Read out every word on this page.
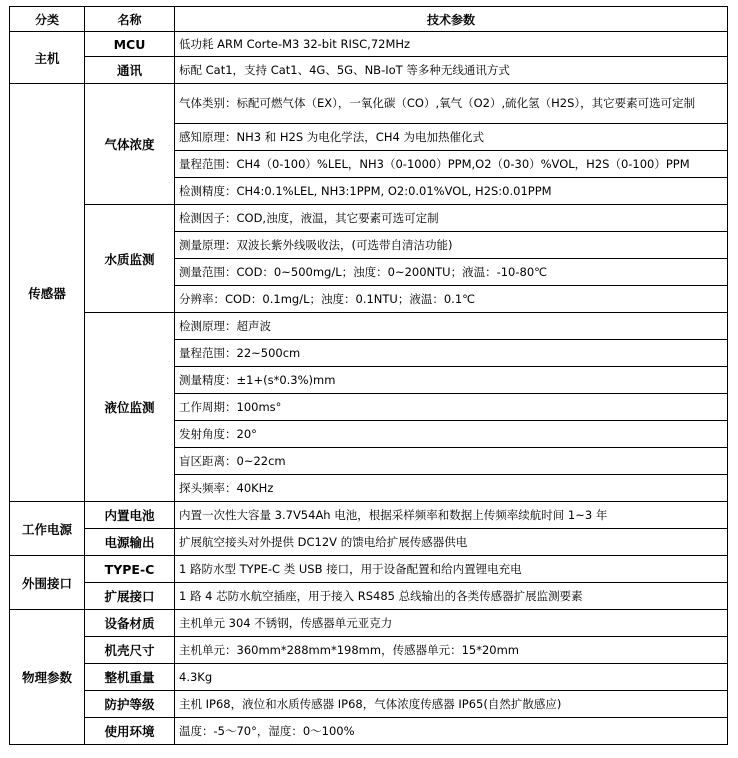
分类	名称	技术参数
主机	MCU	低功耗 ARM Corte-M3 32-bit RISC,72MHz
	通讯	标配 Cat1，支持 Cat1、4G、5G、NB-IoT 等多种无线通讯方式
传感器	气体浓度	气体类别：标配可燃气体（EX），一氧化碳（CO）,氧气（O2）,硫化氢（H2S），其它要素可选可定制
		感知原理：NH3 和 H2S 为电化学法，CH4 为电加热催化式
		量程范围：CH4（0-100）%LEL，NH3（0-1000）PPM,O2（0-30）%VOL，H2S（0-100）PPM
		检测精度：CH4:0.1%LEL, NH3:1PPM, O2:0.01%VOL, H2S:0.01PPM
	水质监测	检测因子：COD,浊度，液温，其它要素可选可定制
		测量原理：双波长紫外线吸收法，(可选带自清洁功能)
		测量范围：COD：0~500mg/L；浊度：0~200NTU；液温：-10-80℃
		分辨率：COD：0.1mg/L；浊度：0.1NTU；液温：0.1℃
	液位监测	检测原理：超声波
		量程范围：22~500cm
		测量精度：±1+(s*0.3%)mm
		工作周期：100ms°
		发射角度：20°
		盲区距离：0~22cm
		探头频率：40KHz
工作电源	内置电池	内置一次性大容量 3.7V54Ah 电池，根据采样频率和数据上传频率续航时间 1~3 年
	电源输出	扩展航空接头对外提供 DC12V 的馈电给扩展传感器供电
外围接口	TYPE-C	1 路防水型 TYPE-C 类 USB 接口，用于设备配置和给内置锂电充电
	扩展接口	1 路 4 芯防水航空插座，用于接入 RS485 总线输出的各类传感器扩展监测要素
物理参数	设备材质	主机单元 304 不锈钢，传感器单元亚克力
	机壳尺寸	主机单元：360mm*288mm*198mm，传感器单元：15*20mm
	整机重量	4.3Kg
	防护等级	主机 IP68，液位和水质传感器 IP68，气体浓度传感器 IP65(自然扩散感应)
	使用环境	温度：-5～70°，湿度：0～100%
